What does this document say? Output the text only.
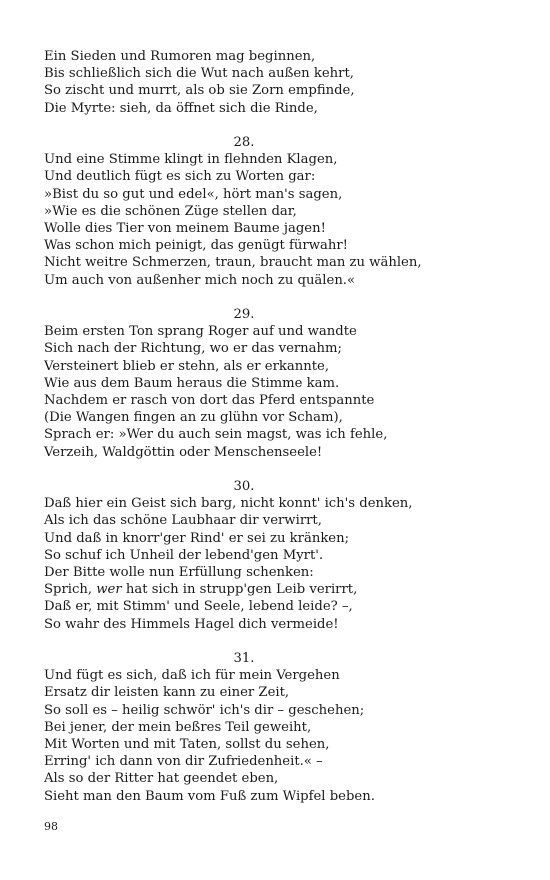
Ein Sieden und Rumoren mag beginnen,
Bis schließlich sich die Wut nach außen kehrt,
So zischt und murrt, als ob sie Zorn empfinde,
Die Myrte: sieh, da öffnet sich die Rinde,
28.
Und eine Stimme klingt in flehnden Klagen,
Und deutlich fügt es sich zu Worten gar:
»Bist du so gut und edel«, hört man's sagen,
»Wie es die schönen Züge stellen dar,
Wolle dies Tier von meinem Baume jagen!
Was schon mich peinigt, das genügt fürwahr!
Nicht weitre Schmerzen, traun, braucht man zu wählen,
Um auch von außenher mich noch zu quälen.«
29.
Beim ersten Ton sprang Roger auf und wandte
Sich nach der Richtung, wo er das vernahm;
Versteinert blieb er stehn, als er erkannte,
Wie aus dem Baum heraus die Stimme kam.
Nachdem er rasch von dort das Pferd entspannte
(Die Wangen fingen an zu glühn vor Scham),
Sprach er: »Wer du auch sein magst, was ich fehle,
Verzeih, Waldgöttin oder Menschenseele!
30.
Daß hier ein Geist sich barg, nicht konnt' ich's denken,
Als ich das schöne Laubhaar dir verwirrt,
Und daß in knorr'ger Rind' er sei zu kränken;
So schuf ich Unheil der lebend'gen Myrt'.
Der Bitte wolle nun Erfüllung schenken:
Sprich, wer hat sich in strupp'gen Leib verirrt,
Daß er, mit Stimm' und Seele, lebend leide? –,
So wahr des Himmels Hagel dich vermeide!
31.
Und fügt es sich, daß ich für mein Vergehen
Ersatz dir leisten kann zu einer Zeit,
So soll es – heilig schwör' ich's dir – geschehen;
Bei jener, der mein beßres Teil geweiht,
Mit Worten und mit Taten, sollst du sehen,
Erring' ich dann von dir Zufriedenheit.« –
Als so der Ritter hat geendet eben,
Sieht man den Baum vom Fuß zum Wipfel beben.
98
